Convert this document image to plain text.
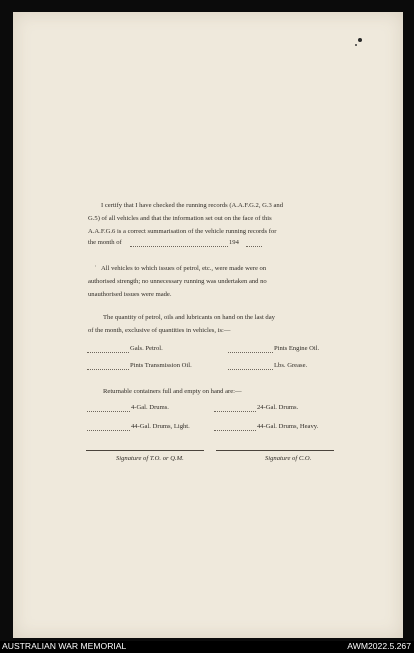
I certify that I have checked the running records (A.A.F.G.2, G.3 and
G.5) of all vehicles and that the information set out on the face of this
A.A.F.G.6 is a correct summarisation of the vehicle running records for
the month of	194
' All vehicles to which issues of petrol, etc., were made were on
authorised strength; no unnecessary running was undertaken and no
unauthorised issues were made.
The quantity of petrol, oils and lubricants on hand on the last day
of the month, exclusive of quantities in vehicles, is:—
Gals. Petrol.	Pints Engine Oil.
Pints Transmission Oil.	Lbs. Grease.
Returnable containers full and empty on hand are:—
4-Gal. Drums.	24-Gal. Drums.
44-Gal. Drums, Light.	44-Gal. Drums, Heavy.
Signature of T.O. or Q.M.	Signature of C.O.
AUSTRALIAN WAR MEMORIAL	AWM2022.5.267
